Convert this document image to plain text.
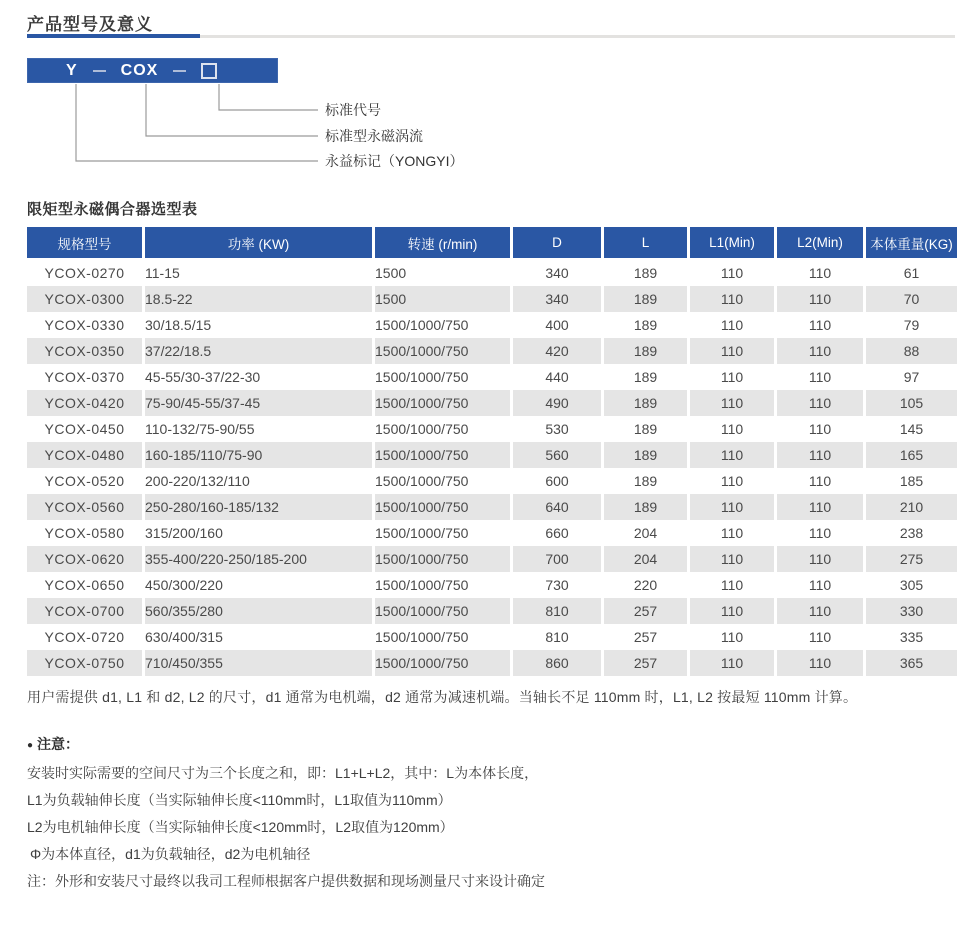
产品型号及意义
Y	COX
标准代号
标准型永磁涡流
永益标记（YONGYI）
限矩型永磁偶合器选型表
规格型号	功率 (KW)	转速 (r/min)	D	L	L1(Min)	L2(Min)	本体重量(KG)
YCOX-0270	11-15	1500	340	189	110	110	61
YCOX-0300	18.5-22	1500	340	189	110	110	70
YCOX-0330	30/18.5/15	1500/1000/750	400	189	110	110	79
YCOX-0350	37/22/18.5	1500/1000/750	420	189	110	110	88
YCOX-0370	45-55/30-37/22-30	1500/1000/750	440	189	110	110	97
YCOX-0420	75-90/45-55/37-45	1500/1000/750	490	189	110	110	105
YCOX-0450	110-132/75-90/55	1500/1000/750	530	189	110	110	145
YCOX-0480	160-185/110/75-90	1500/1000/750	560	189	110	110	165
YCOX-0520	200-220/132/110	1500/1000/750	600	189	110	110	185
YCOX-0560	250-280/160-185/132	1500/1000/750	640	189	110	110	210
YCOX-0580	315/200/160	1500/1000/750	660	204	110	110	238
YCOX-0620	355-400/220-250/185-200	1500/1000/750	700	204	110	110	275
YCOX-0650	450/300/220	1500/1000/750	730	220	110	110	305
YCOX-0700	560/355/280	1500/1000/750	810	257	110	110	330
YCOX-0720	630/400/315	1500/1000/750	810	257	110	110	335
YCOX-0750	710/450/355	1500/1000/750	860	257	110	110	365

用户需提供 d1, L1 和 d2, L2 的尺寸，d1 通常为电机端，d2 通常为减速机端。当轴长不足 110mm 时，L1, L2 按最短 110mm 计算。

● 注意：

安装时实际需要的空间尺寸为三个长度之和，即：L1+L+L2，其中：L为本体长度，

L1为负载轴伸长度（当实际轴伸长度<110mm时，L1取值为110mm）

L2为电机轴伸长度（当实际轴伸长度<120mm时，L2取值为120mm）

Φ为本体直径，d1为负载轴径，d2为电机轴径

注：外形和安装尺寸最终以我司工程师根据客户提供数据和现场测量尺寸来设计确定
